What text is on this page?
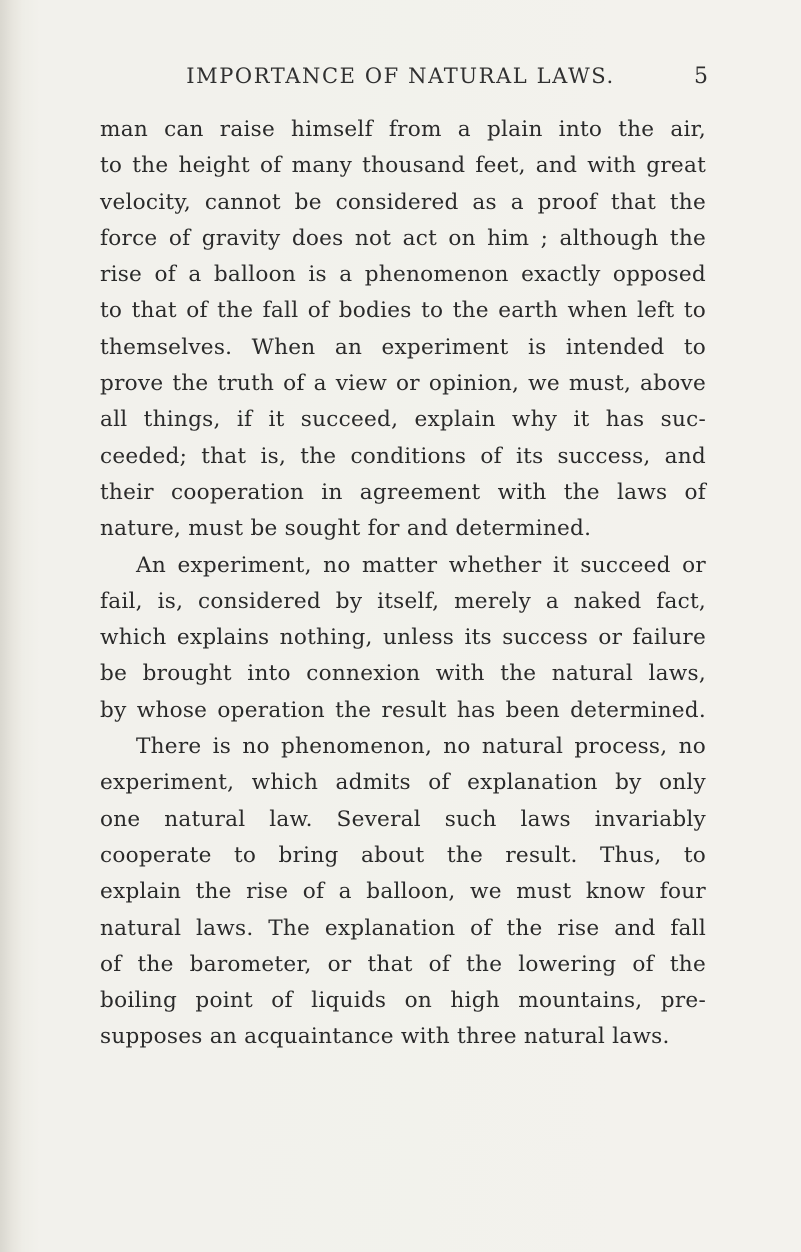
IMPORTANCE OF NATURAL LAWS.	5
man can raise himself from a plain into the air,
to the height of many thousand feet, and with great
velocity, cannot be considered as a proof that the
force of gravity does not act on him ; although the
rise of a balloon is a phenomenon exactly opposed
to that of the fall of bodies to the earth when left to
themselves. When an experiment is intended to
prove the truth of a view or opinion, we must, above
all things, if it succeed, explain why it has suc-
ceeded; that is, the conditions of its success, and
their cooperation in agreement with the laws of
nature, must be sought for and determined.
An experiment, no matter whether it succeed or
fail, is, considered by itself, merely a naked fact,
which explains nothing, unless its success or failure
be brought into connexion with the natural laws,
by whose operation the result has been determined.
There is no phenomenon, no natural process, no
experiment, which admits of explanation by only
one natural law. Several such laws invariably
cooperate to bring about the result. Thus, to
explain the rise of a balloon, we must know four
natural laws. The explanation of the rise and fall
of the barometer, or that of the lowering of the
boiling point of liquids on high mountains, pre-
supposes an acquaintance with three natural laws.
